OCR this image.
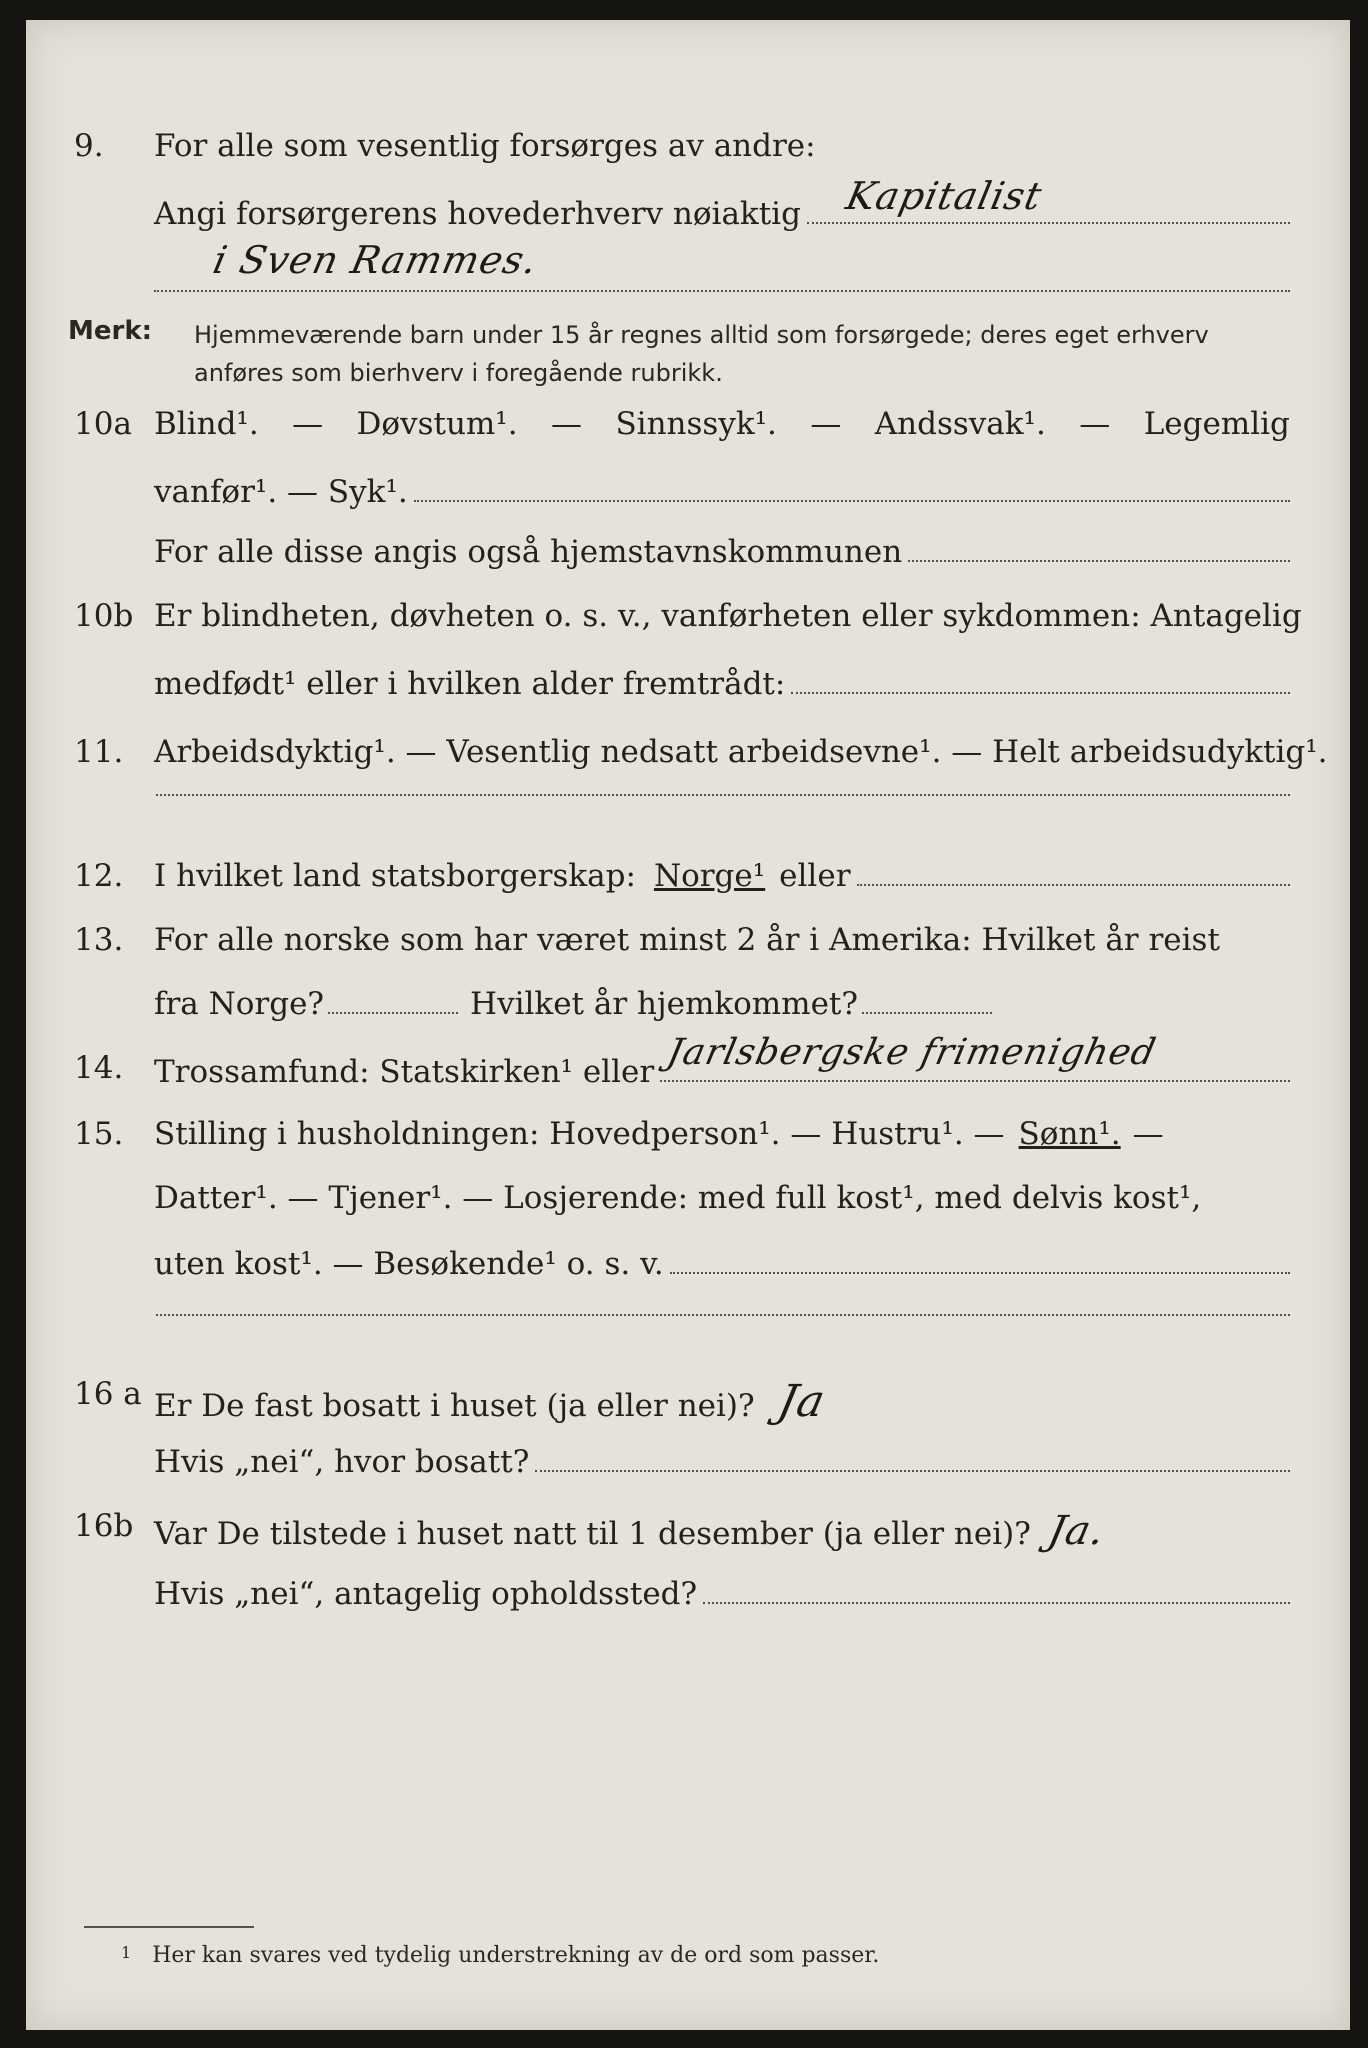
9. For alle som vesentlig forsørges av andre:
Angi forsørgerens hovederhverv nøiaktig Kapitalist
i Sven Rammes.
Merk: Hjemmeværende barn under 15 år regnes alltid som forsørgede; deres eget erhverv anføres som bierhverv i foregående rubrikk.
10a Blind¹. — Døvstum¹. — Sinnssyk¹. — Andssvak¹. — Legemlig
vanfør¹. — Syk¹.
For alle disse angis også hjemstavnskommunen
10b Er blindheten, døvheten o. s. v., vanførheten eller sykdommen: Antagelig
medfødt¹ eller i hvilken alder fremtrådt:
11. Arbeidsdyktig¹. — Vesentlig nedsatt arbeidsevne¹. — Helt arbeidsudyktig¹.
12. I hvilket land statsborgerskap: Norge¹ eller
13. For alle norske som har været minst 2 år i Amerika: Hvilket år reist
fra Norge?	Hvilket år hjemkommet?
14. Trossamfund: Statskirken¹ eller Jarlsbergske frimenighed
15. Stilling i husholdningen: Hovedperson¹. — Hustru¹. — Sønn¹. —
Datter¹. — Tjener¹. — Losjerende: med full kost¹, med delvis kost¹,
uten kost¹. — Besøkende¹ o. s. v.
16 a Er De fast bosatt i huset (ja eller nei)? Ja
Hvis „nei“, hvor bosatt?
16b Var De tilstede i huset natt til 1 desember (ja eller nei)? Ja.
Hvis „nei“, antagelig opholdssted?
$^1$ Her kan svares ved tydelig understrekning av de ord som passer.
